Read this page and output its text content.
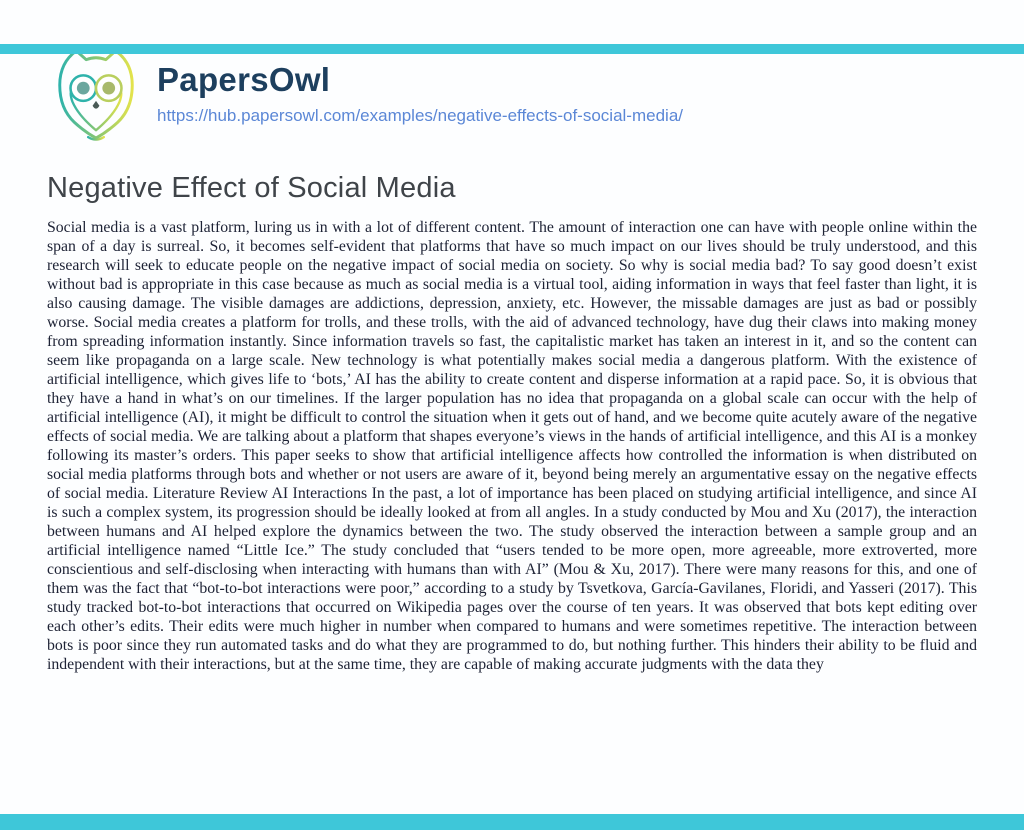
PapersOwl
https://hub.papersowl.com/examples/negative-effects-of-social-media/
Negative Effect of Social Media
Social media is a vast platform, luring us in with a lot of different content. The amount of interaction one can have with people online within the span of a day is surreal. So, it becomes self-evident that platforms that have so much impact on our lives should be truly understood, and this research will seek to educate people on the negative impact of social media on society. So why is social media bad? To say good doesn’t exist without bad is appropriate in this case because as much as social media is a virtual tool, aiding information in ways that feel faster than light, it is also causing damage. The visible damages are addictions, depression, anxiety, etc. However, the missable damages are just as bad or possibly worse. Social media creates a platform for trolls, and these trolls, with the aid of advanced technology, have dug their claws into making money from spreading information instantly. Since information travels so fast, the capitalistic market has taken an interest in it, and so the content can seem like propaganda on a large scale. New technology is what potentially makes social media a dangerous platform. With the existence of artificial intelligence, which gives life to ‘bots,’ AI has the ability to create content and disperse information at a rapid pace. So, it is obvious that they have a hand in what’s on our timelines. If the larger population has no idea that propaganda on a global scale can occur with the help of artificial intelligence (AI), it might be difficult to control the situation when it gets out of hand, and we become quite acutely aware of the negative effects of social media. We are talking about a platform that shapes everyone’s views in the hands of artificial intelligence, and this AI is a monkey following its master’s orders. This paper seeks to show that artificial intelligence affects how controlled the information is when distributed on social media platforms through bots and whether or not users are aware of it, beyond being merely an argumentative essay on the negative effects of social media. Literature Review AI Interactions In the past, a lot of importance has been placed on studying artificial intelligence, and since AI is such a complex system, its progression should be ideally looked at from all angles. In a study conducted by Mou and Xu (2017), the interaction between humans and AI helped explore the dynamics between the two. The study observed the interaction between a sample group and an artificial intelligence named “Little Ice.” The study concluded that “users tended to be more open, more agreeable, more extroverted, more conscientious and self-disclosing when interacting with humans than with AI” (Mou & Xu, 2017). There were many reasons for this, and one of them was the fact that “bot-to-bot interactions were poor,” according to a study by Tsvetkova, García-Gavilanes, Floridi, and Yasseri (2017). This study tracked bot-to-bot interactions that occurred on Wikipedia pages over the course of ten years. It was observed that bots kept editing over each other’s edits. Their edits were much higher in number when compared to humans and were sometimes repetitive. The interaction between bots is poor since they run automated tasks and do what they are programmed to do, but nothing further. This hinders their ability to be fluid and independent with their interactions, but at the same time, they are capable of making accurate judgments with the data they
